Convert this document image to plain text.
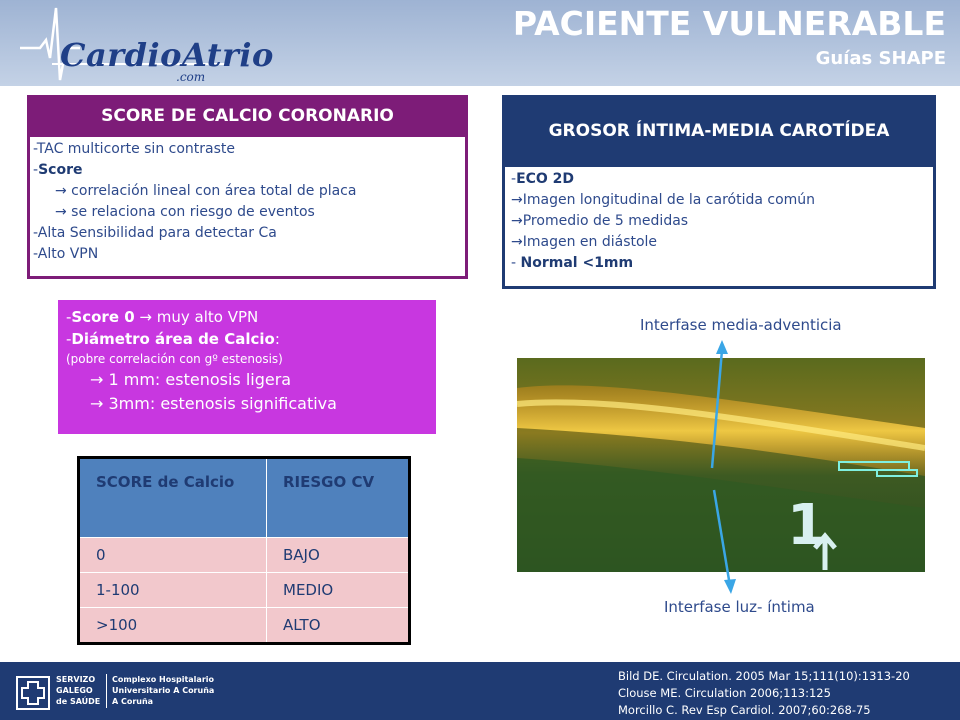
CardioAtrio
.com
PACIENTE VULNERABLE
Guías SHAPE
SCORE DE CALCIO CORONARIO
-TAC multicorte sin contraste
-Score
→ correlación lineal con área total de placa
→ se relaciona con riesgo de eventos
-Alta Sensibilidad para detectar Ca
-Alto VPN
GROSOR ÍNTIMA-MEDIA CAROTÍDEA
-ECO 2D
→Imagen longitudinal de la carótida común
→Promedio de 5 medidas
→Imagen en diástole
- Normal <1mm
-Score 0 → muy alto VPN
-Diámetro área de Calcio:
(pobre correlación con gº estenosis)
→ 1 mm: estenosis ligera
→ 3mm: estenosis significativa
SCORE de Calcio	RIESGO CV
0	BAJO
1-100	MEDIO
>100	ALTO
Interfase media-adventicia
1
Interfase luz- íntima
SERVIZO
GALEGO
de SAÚDE
Complexo Hospitalario
Universitario A Coruña
A Coruña
Bild DE. Circulation. 2005 Mar 15;111(10):1313-20
Clouse ME. Circulation 2006;113:125
Morcillo C. Rev Esp Cardiol. 2007;60:268-75
